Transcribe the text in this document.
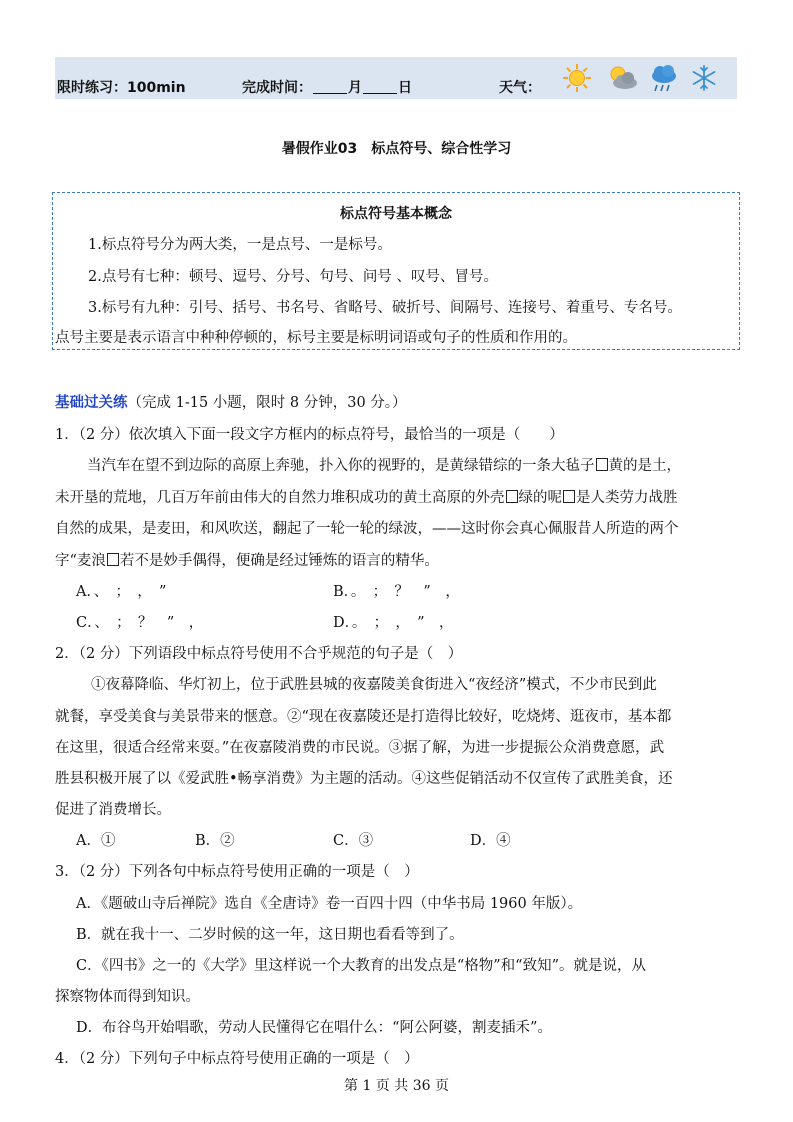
限时练习：100min	完成时间：	月	日	天气：
暑假作业03　标点符号、综合性学习
标点符号基本概念
1.标点符号分为两大类，一是点号、一是标号。
2.点号有七种：顿号、逗号、分号、句号、问号 、叹号、冒号。
3.标号有九种：引号、括号、书名号、省略号、破折号、间隔号、连接号、着重号、专名号。
点号主要是表示语言中种种停顿的，标号主要是标明词语或句子的性质和作用的。
基础过关练（完成 1-15 小题，限时 8 分钟，30 分。）
1．（2 分）依次填入下面一段文字方框内的标点符号，最恰当的一项是（　　）
当汽车在望不到边际的高原上奔驰，扑入你的视野的，是黄绿错综的一条大毡子 黄的是土，
未开垦的荒地，几百万年前由伟大的自然力堆积成功的黄土高原的外壳 绿的呢 是人类劳力战胜
自然的成果，是麦田，和风吹送，翻起了一轮一轮的绿波，——这时你会真心佩服昔人所造的两个
字“麦浪 若不是妙手偶得，便确是经过锤炼的语言的精华。
A．、　；　，　”	B．。　；　？　”　，
C．、　；　？　”　，	D．。　；　，　”　，
2．（2 分）下列语段中标点符号使用不合乎规范的句子是（　）
①夜幕降临、华灯初上，位于武胜县城的夜嘉陵美食街进入“夜经济”模式，不少市民到此
就餐，享受美食与美景带来的惬意。②“现在夜嘉陵还是打造得比较好，吃烧烤、逛夜市，基本都
在这里，很适合经常来耍。”在夜嘉陵消费的市民说。③据了解，为进一步提振公众消费意愿，武
胜县积极开展了以《爱武胜•畅享消费》为主题的活动。④这些促销活动不仅宣传了武胜美食，还
促进了消费增长。
A．①	B．②	C．③	D．④
3．（2 分）下列各句中标点符号使用正确的一项是（　）
A．《题破山寺后禅院》选自《全唐诗》卷一百四十四（中华书局 1960 年版）。
B．就在我十一、二岁时候的这一年，这日期也看看等到了。
C．《四书》之一的《大学》里这样说一个大教育的出发点是“格物”和“致知”。就是说，从
探察物体而得到知识。
D．布谷鸟开始唱歌，劳动人民懂得它在唱什么：“阿公阿婆，割麦插禾”。
4．（2 分）下列句子中标点符号使用正确的一项是（　）
第 1 页 共 36 页
